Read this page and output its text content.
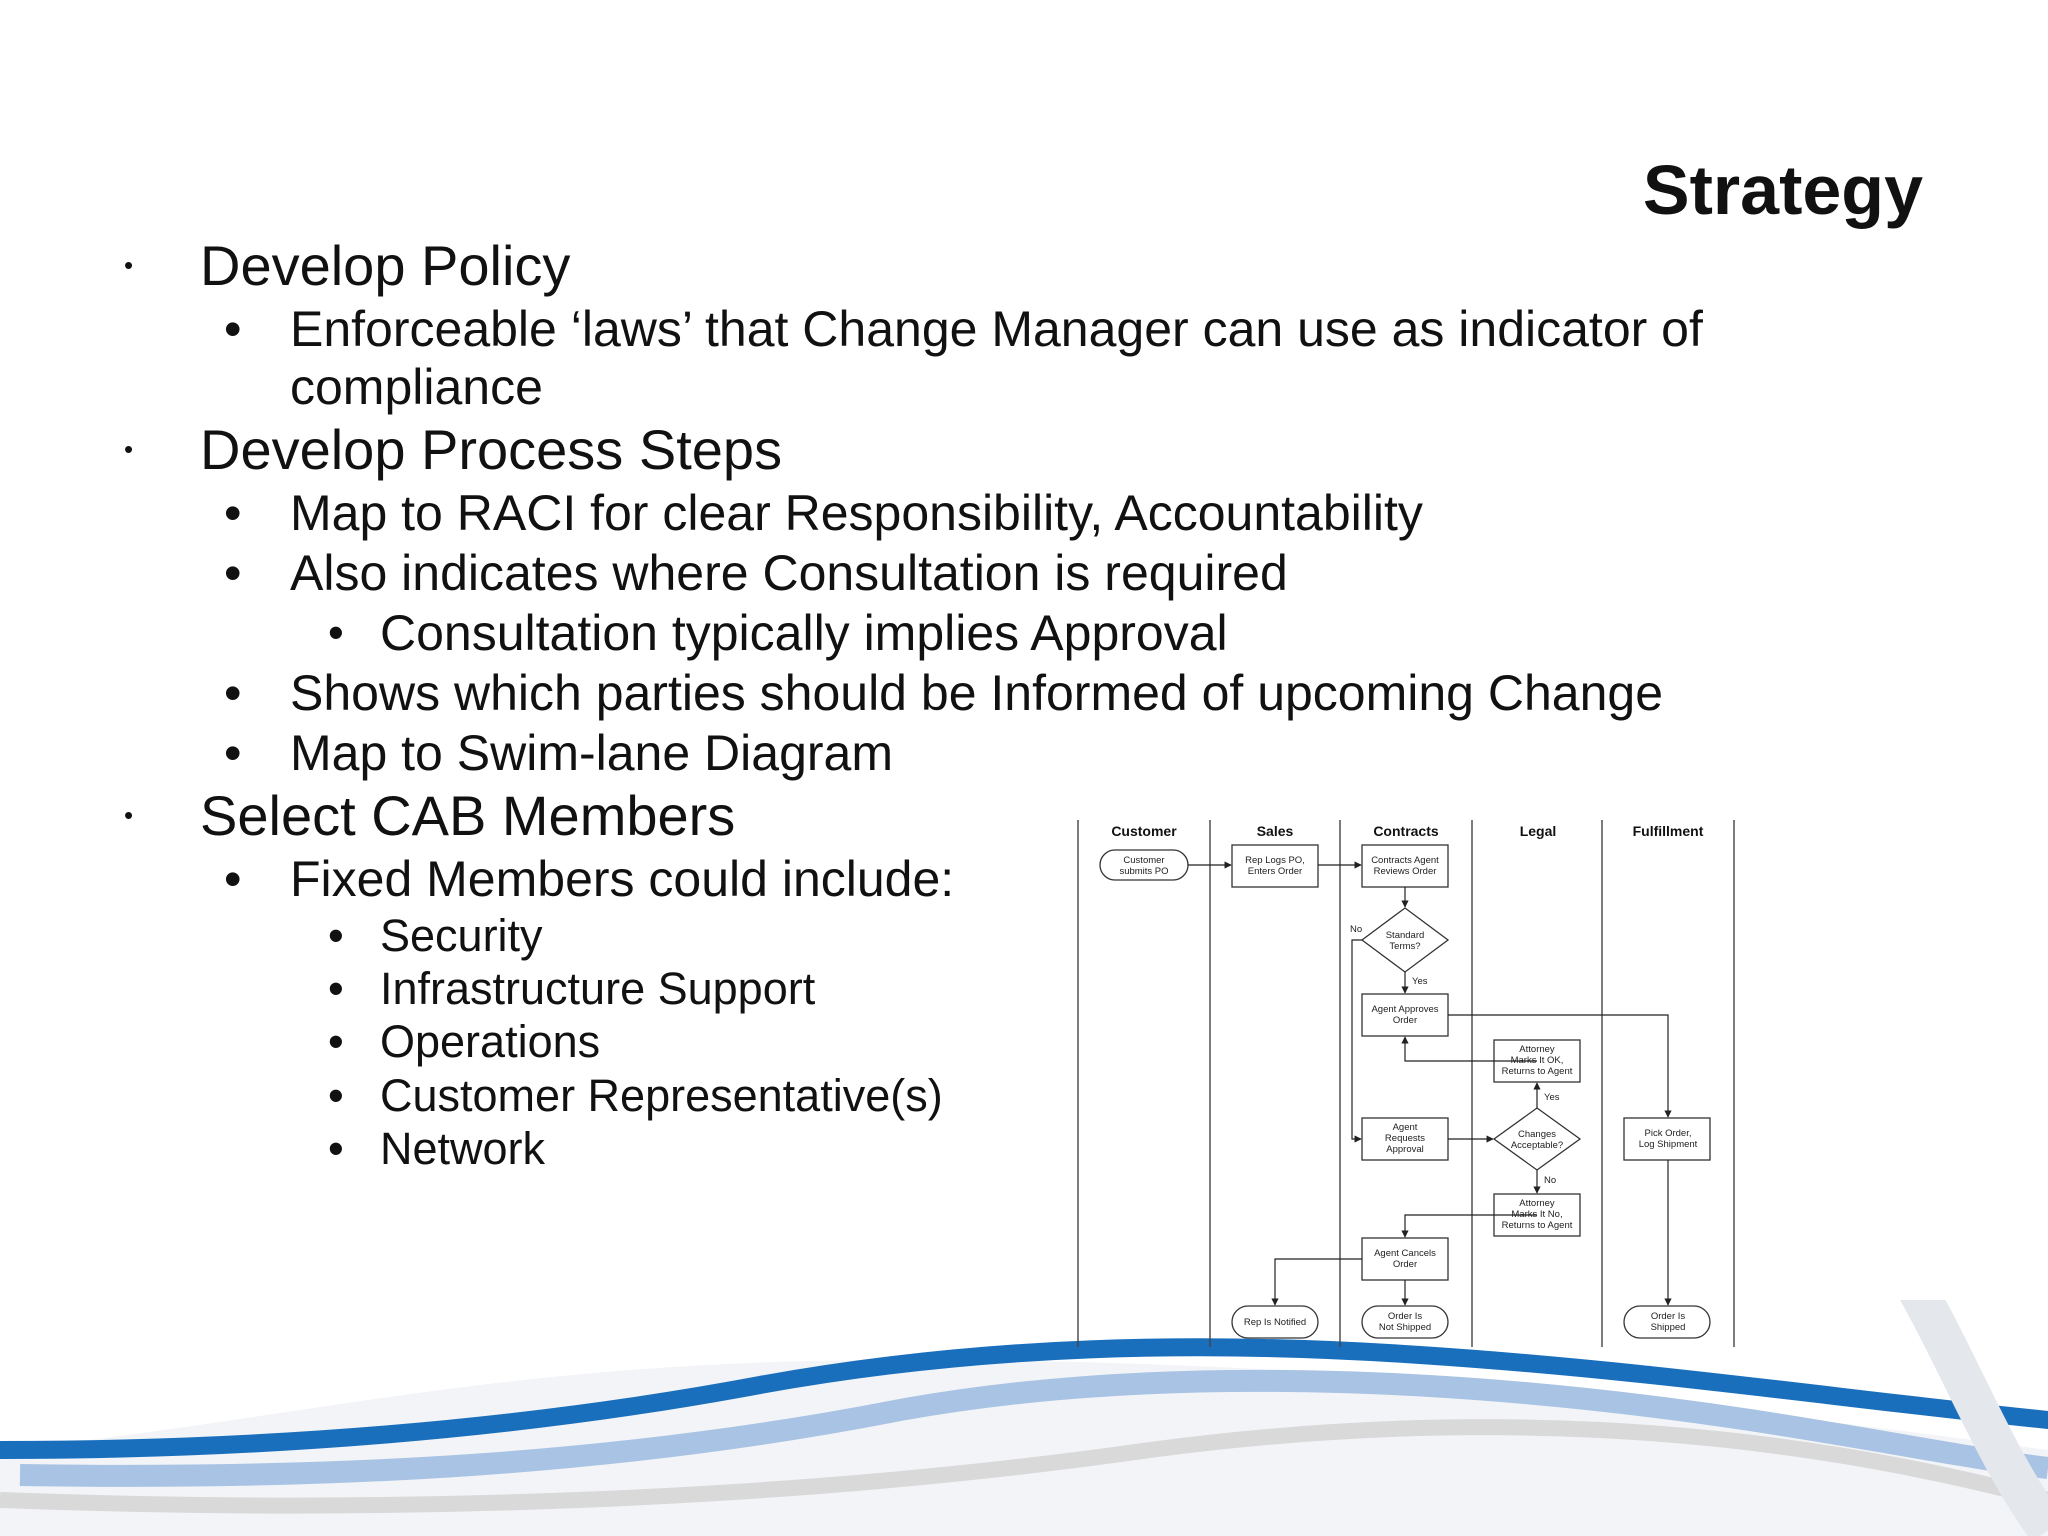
Strategy
• Develop Policy
• Enforceable ‘laws’ that Change Manager can use as indicator of
compliance
• Develop Process Steps
• Map to RACI for clear Responsibility, Accountability
• Also indicates where Consultation is required
• Consultation typically implies Approval
• Shows which parties should be Informed of upcoming Change
• Map to Swim-lane Diagram
• Select CAB Members
• Fixed Members could include:
• Security
• Infrastructure Support
• Operations
• Customer Representative(s)
• Network
Customer	Sales	Contracts	Legal	Fulfillment
Customer
submits PO
Rep Logs PO,
Enters Order
Contracts Agent
Reviews Order
Standard
Terms?
Agent Approves
Order
Attorney
Marks It OK,
Returns to Agent
Agent
Requests
Approval
Changes
Acceptable?
Pick Order,
Log Shipment
Attorney
Marks It No,
Returns to Agent
Agent Cancels
Order
Rep Is Notified
Order Is
Not Shipped
Order Is
Shipped
No
Yes
Yes
No
